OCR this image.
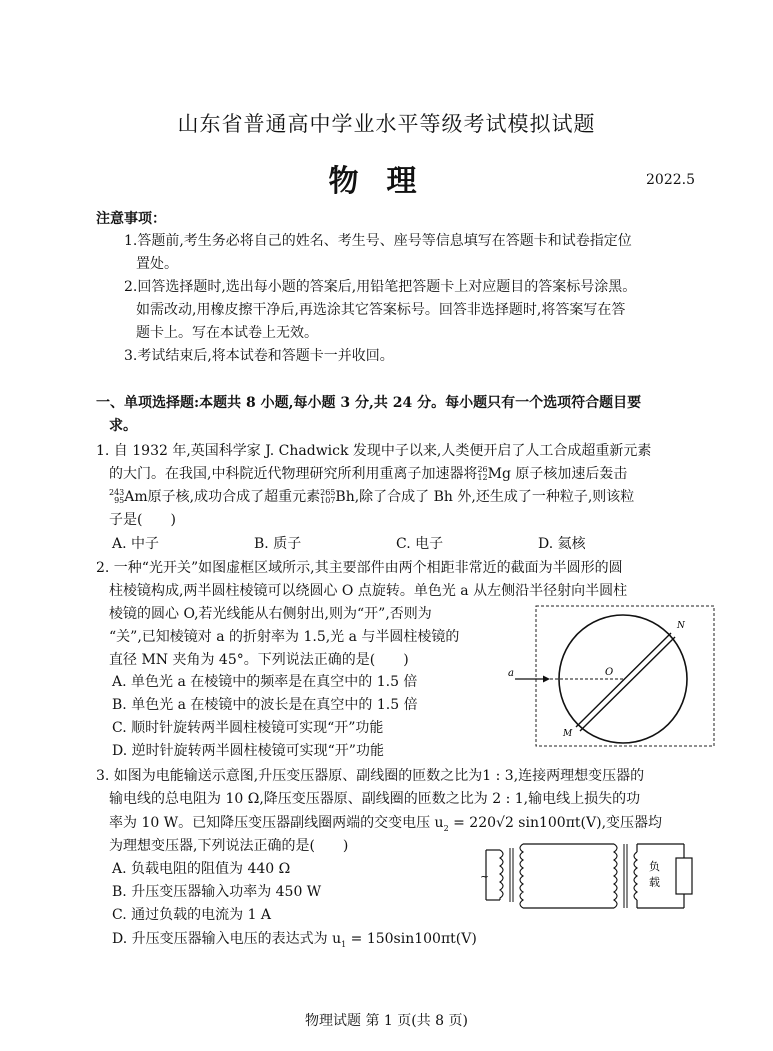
山东省普通高中学业水平等级考试模拟试题
物理	2022.5
注意事项：
1.答题前,考生务必将自己的姓名、考生号、座号等信息填写在答题卡和试卷指定位
置处。
2.回答选择题时,选出每小题的答案后,用铅笔把答题卡上对应题目的答案标号涂黑。
如需改动,用橡皮擦干净后,再选涂其它答案标号。回答非选择题时,将答案写在答
题卡上。写在本试卷上无效。
3.考试结束后,将本试卷和答题卡一并收回。
一、单项选择题:本题共 8 小题,每小题 3 分,共 24 分。每小题只有一个选项符合题目要
求。
1. 自 1932 年,英国科学家 J. Chadwick 发现中子以来,人类便开启了人工合成超重新元素
的大门。在我国,中科院近代物理研究所利用重离子加速器将26
12Mg 原子核加速后轰击
243
95Am原子核,成功合成了超重元素265
107Bh,除了合成了 Bh 外,还生成了一种粒子,则该粒
子是(　　)
A. 中子	B. 质子	C. 电子	D. 氦核
2. 一种“光开关”如图虚框区域所示,其主要部件由两个相距非常近的截面为半圆形的圆
柱棱镜构成,两半圆柱棱镜可以绕圆心 O 点旋转。单色光 a 从左侧沿半径射向半圆柱
棱镜的圆心 O,若光线能从右侧射出,则为“开”,否则为
“关”,已知棱镜对 a 的折射率为 1.5,光 a 与半圆柱棱镜的
直径 MN 夹角为 45°。下列说法正确的是(　　)
A. 单色光 a 在棱镜中的频率是在真空中的 1.5 倍
B. 单色光 a 在棱镜中的波长是在真空中的 1.5 倍
C. 顺时针旋转两半圆柱棱镜可实现“开”功能
D. 逆时针旋转两半圆柱棱镜可实现“开”功能
a	O
N
M
3. 如图为电能输送示意图,升压变压器原、副线圈的匝数之比为1 : 3,连接两理想变压器的
输电线的总电阻为 10 Ω,降压变压器原、副线圈的匝数之比为 2 : 1,输电线上损失的功
率为 10 W。已知降压变压器副线圈两端的交变电压 $u_2 = 220√2$ sin100πt(V),变压器均
为理想变压器,下列说法正确的是(　　)
A. 负载电阻的阻值为 440 Ω
B. 升压变压器输入功率为 450 W
C. 通过负载的电流为 1 A
D. 升压变压器输入电压的表达式为 $u_1 = 150\sin 100\pi t(V)$
~
负
载
物理试题 第 1 页(共 8 页)
